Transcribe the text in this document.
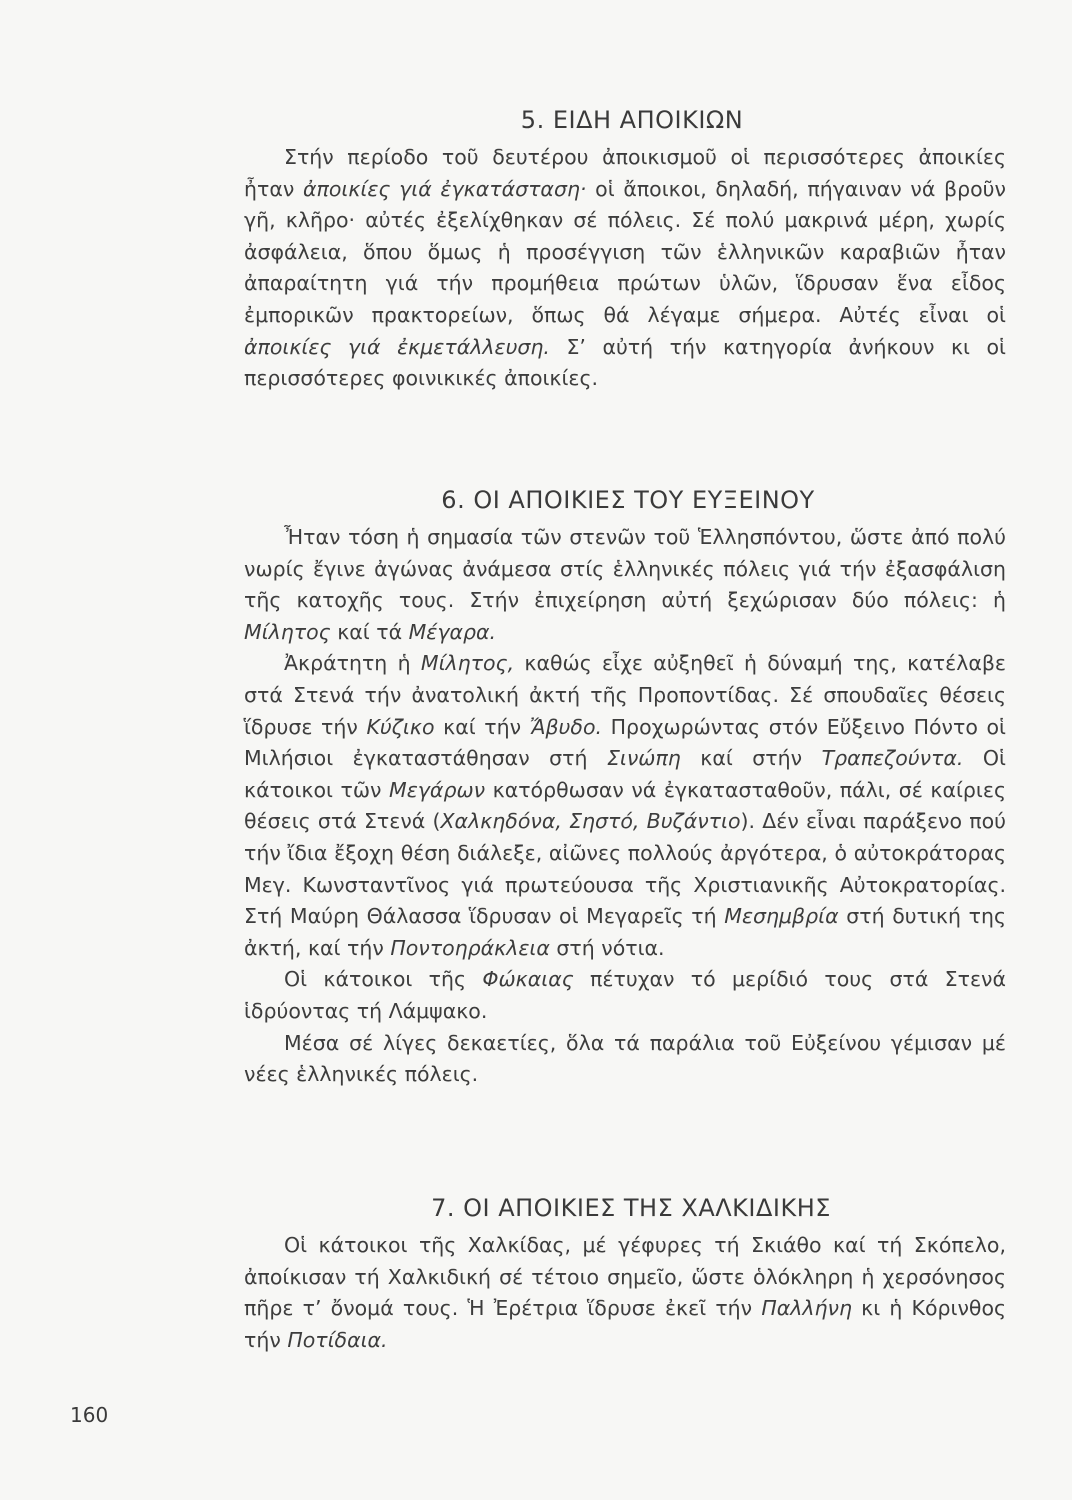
5. ΕΙΔΗ ΑΠΟΙΚΙΩΝ

Στήν περίοδο τοῦ δευτέρου ἀποικισμοῦ οἱ περισσότερες ἀποικίες ἦταν ἀποικίες γιά ἐγκατάσταση· οἱ ἄποικοι, δηλαδή, πήγαιναν νά βροῦν γῆ, κλῆρο· αὐτές ἐξελίχθηκαν σέ πόλεις. Σέ πολύ μακρινά μέρη, χωρίς ἀσφάλεια, ὅπου ὅμως ἡ προσέγγιση τῶν ἑλληνικῶν καραβιῶν ἦταν ἀπαραίτητη γιά τήν προμήθεια πρώτων ὑλῶν, ἵδρυσαν ἕνα εἶδος ἐμπορικῶν πρακτορείων, ὅπως θά λέγαμε σήμερα. Αὐτές εἶναι οἱ ἀποικίες γιά ἐκμετάλλευση. Σ’ αὐτή τήν κατηγορία ἀνήκουν κι οἱ περισσότερες φοινικικές ἀποικίες.

6. ΟΙ ΑΠΟΙΚΙΕΣ ΤΟΥ ΕΥΞΕΙΝΟΥ

Ἦταν τόση ἡ σημασία τῶν στενῶν τοῦ Ἑλλησπόντου, ὥστε ἀπό πολύ νωρίς ἔγινε ἀγώνας ἀνάμεσα στίς ἑλληνικές πόλεις γιά τήν ἐξασφάλιση τῆς κατοχῆς τους. Στήν ἐπιχείρηση αὐτή ξεχώρισαν δύο πόλεις: ἡ Μίλητος καί τά Μέγαρα.

Ἀκράτητη ἡ Μίλητος, καθώς εἶχε αὐξηθεῖ ἡ δύναμή της, κατέλαβε στά Στενά τήν ἀνατολική ἀκτή τῆς Προποντίδας. Σέ σπουδαῖες θέσεις ἵδρυσε τήν Κύζικο καί τήν Ἄβυδο. Προχωρώντας στόν Εὔξεινο Πόντο οἱ Μιλήσιοι ἐγκαταστάθησαν στή Σινώπη καί στήν Τραπεζούντα. Οἱ κάτοικοι τῶν Μεγάρων κατόρθωσαν νά ἐγκατασταθοῦν, πάλι, σέ καίριες θέσεις στά Στενά (Χαλκηδόνα, Σηστό, Βυζάντιο). Δέν εἶναι παράξενο πού τήν ἴδια ἔξοχη θέση διάλεξε, αἰῶνες πολλούς ἀργότερα, ὁ αὐτοκράτορας Μεγ. Κωνσταντῖνος γιά πρωτεύουσα τῆς Χριστιανικῆς Αὐτοκρατορίας. Στή Μαύρη Θάλασσα ἵδρυσαν οἱ Μεγαρεῖς τή Μεσημβρία στή δυτική της ἀκτή, καί τήν Ποντοηράκλεια στή νότια.

Οἱ κάτοικοι τῆς Φώκαιας πέτυχαν τό μερίδιό τους στά Στενά ἱδρύοντας τή Λάμψακο.

Μέσα σέ λίγες δεκαετίες, ὅλα τά παράλια τοῦ Εὐξείνου γέμισαν μέ νέες ἑλληνικές πόλεις.

7. ΟΙ ΑΠΟΙΚΙΕΣ ΤΗΣ ΧΑΛΚΙΔΙΚΗΣ

Οἱ κάτοικοι τῆς Χαλκίδας, μέ γέφυρες τή Σκιάθο καί τή Σκόπελο, ἀποίκισαν τή Χαλκιδική σέ τέτοιο σημεῖο, ὥστε ὁλόκληρη ἡ χερσόνησος πῆρε τ’ ὄνομά τους. Ἡ Ἐρέτρια ἵδρυσε ἐκεῖ τήν Παλλήνη κι ἡ Κόρινθος τήν Ποτίδαια.

160
